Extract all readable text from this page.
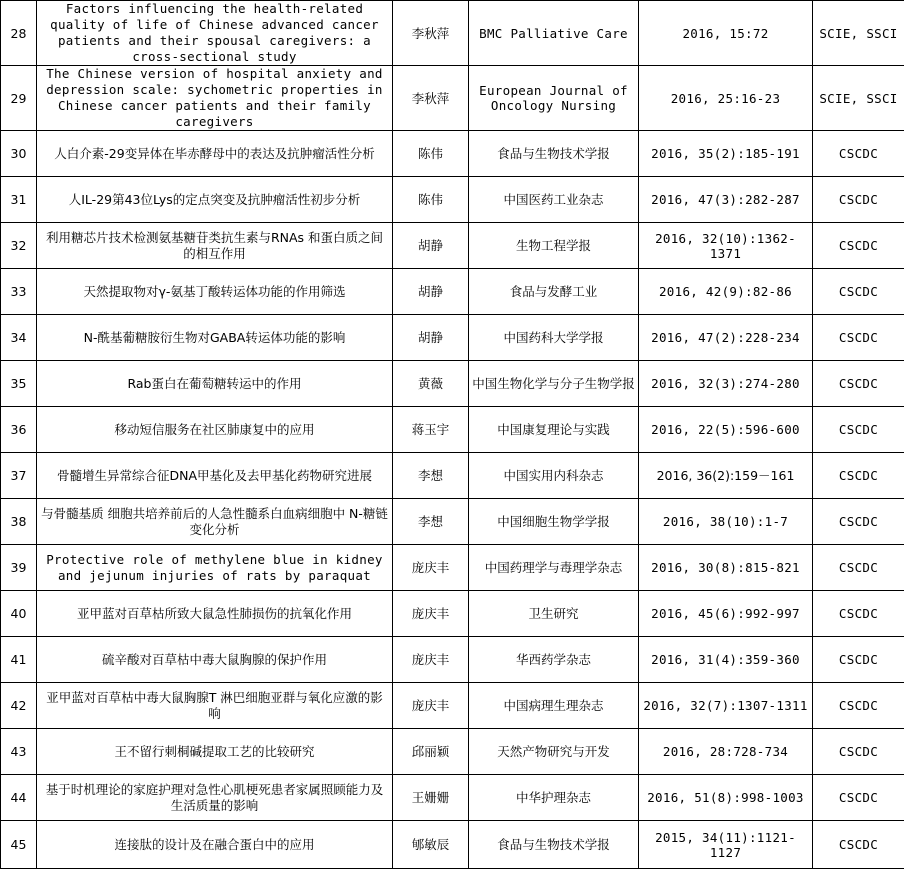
28	Factors influencing the health-related quality of life of Chinese advanced cancer patients and their spousal caregivers: a cross-sectional study	李秋萍	BMC Palliative Care	2016, 15:72	SCIE, SSCI
29	The Chinese version of hospital anxiety and depression scale: sychometric properties in Chinese cancer patients and their family caregivers	李秋萍	European Journal of Oncology Nursing	2016, 25:16-23	SCIE, SSCI
30	人白介素-29变异体在毕赤酵母中的表达及抗肿瘤活性分析	陈伟	食品与生物技术学报	2016, 35(2):185-191	CSCDC
31	人IL-29第43位Lys的定点突变及抗肿瘤活性初步分析	陈伟	中国医药工业杂志	2016, 47(3):282-287	CSCDC
32	利用糖芯片技术检测氨基糖苷类抗生素与RNAs 和蛋白质之间的相互作用	胡静	生物工程学报	2016, 32(10):1362-1371	CSCDC
33	天然提取物对γ-氨基丁酸转运体功能的作用筛选	胡静	食品与发酵工业	2016, 42(9):82-86	CSCDC
34	N-酰基葡糖胺衍生物对GABA转运体功能的影响	胡静	中国药科大学学报	2016, 47(2):228-234	CSCDC
35	Rab蛋白在葡萄糖转运中的作用	黄薇	中国生物化学与分子生物学报	2016, 32(3):274-280	CSCDC
36	移动短信服务在社区肺康复中的应用	蒋玉宇	中国康复理论与实践	2016, 22(5):596-600	CSCDC
37	骨髓增生异常综合征DNA甲基化及去甲基化药物研究进展	李想	中国实用内科杂志	2016, 36(2):159－161	CSCDC
38	与骨髓基质 细胞共培养前后的人急性髓系白血病细胞中 N-糖链变化分析	李想	中国细胞生物学学报	2016, 38(10):1-7	CSCDC
39	Protective role of methylene blue in kidney and jejunum injuries of rats by paraquat	庞庆丰	中国药理学与毒理学杂志	2016, 30(8):815-821	CSCDC
40	亚甲蓝对百草枯所致大鼠急性肺损伤的抗氧化作用	庞庆丰	卫生研究	2016, 45(6):992-997	CSCDC
41	硫辛酸对百草枯中毒大鼠胸腺的保护作用	庞庆丰	华西药学杂志	2016, 31(4):359-360	CSCDC
42	亚甲蓝对百草枯中毒大鼠胸腺T 淋巴细胞亚群与氧化应激的影响	庞庆丰	中国病理生理杂志	2016, 32(7):1307-1311	CSCDC
43	王不留行刺桐碱提取工艺的比较研究	邱丽颖	天然产物研究与开发	2016, 28:728-734	CSCDC
44	基于时机理论的家庭护理对急性心肌梗死患者家属照顾能力及生活质量的影响	王姗姗	中华护理杂志	2016, 51(8):998-1003	CSCDC
45	连接肽的设计及在融合蛋白中的应用	郇敏辰	食品与生物技术学报	2015, 34(11):1121-1127	CSCDC
